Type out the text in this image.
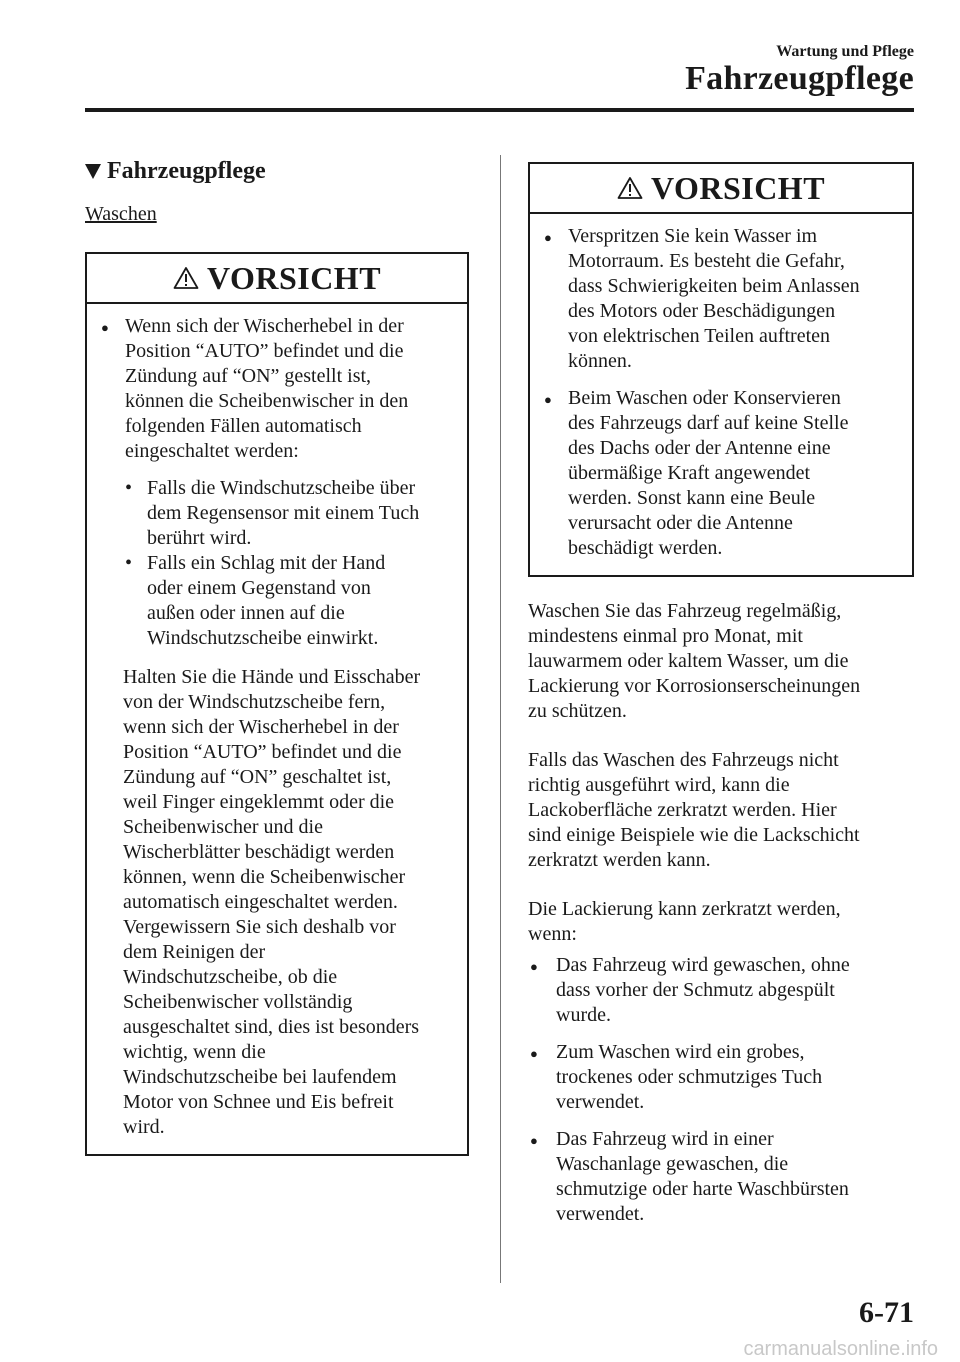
Wartung und Pflege
Fahrzeugpflege
Fahrzeugpflege
Waschen
VORSICHT
● Wenn sich der Wischerhebel in der
Position “AUTO” befindet und die
Zündung auf “ON” gestellt ist,
können die Scheibenwischer in den
folgenden Fällen automatisch
eingeschaltet werden:
• Falls die Windschutzscheibe über
dem Regensensor mit einem Tuch
berührt wird.
• Falls ein Schlag mit der Hand
oder einem Gegenstand von
außen oder innen auf die
Windschutzscheibe einwirkt.
Halten Sie die Hände und Eisschaber
von der Windschutzscheibe fern,
wenn sich der Wischerhebel in der
Position “AUTO” befindet und die
Zündung auf “ON” geschaltet ist,
weil Finger eingeklemmt oder die
Scheibenwischer und die
Wischerblätter beschädigt werden
können, wenn die Scheibenwischer
automatisch eingeschaltet werden.
Vergewissern Sie sich deshalb vor
dem Reinigen der
Windschutzscheibe, ob die
Scheibenwischer vollständig
ausgeschaltet sind, dies ist besonders
wichtig, wenn die
Windschutzscheibe bei laufendem
Motor von Schnee und Eis befreit
wird.
VORSICHT
● Verspritzen Sie kein Wasser im
Motorraum. Es besteht die Gefahr,
dass Schwierigkeiten beim Anlassen
des Motors oder Beschädigungen
von elektrischen Teilen auftreten
können.
● Beim Waschen oder Konservieren
des Fahrzeugs darf auf keine Stelle
des Dachs oder der Antenne eine
übermäßige Kraft angewendet
werden. Sonst kann eine Beule
verursacht oder die Antenne
beschädigt werden.
Waschen Sie das Fahrzeug regelmäßig,
mindestens einmal pro Monat, mit
lauwarmem oder kaltem Wasser, um die
Lackierung vor Korrosionserscheinungen
zu schützen.
Falls das Waschen des Fahrzeugs nicht
richtig ausgeführt wird, kann die
Lackoberfläche zerkratzt werden. Hier
sind einige Beispiele wie die Lackschicht
zerkratzt werden kann.
Die Lackierung kann zerkratzt werden,
wenn:
● Das Fahrzeug wird gewaschen, ohne
dass vorher der Schmutz abgespült
wurde.
● Zum Waschen wird ein grobes,
trockenes oder schmutziges Tuch
verwendet.
● Das Fahrzeug wird in einer
Waschanlage gewaschen, die
schmutzige oder harte Waschbürsten
verwendet.
6-71
carmanualsonline.info
